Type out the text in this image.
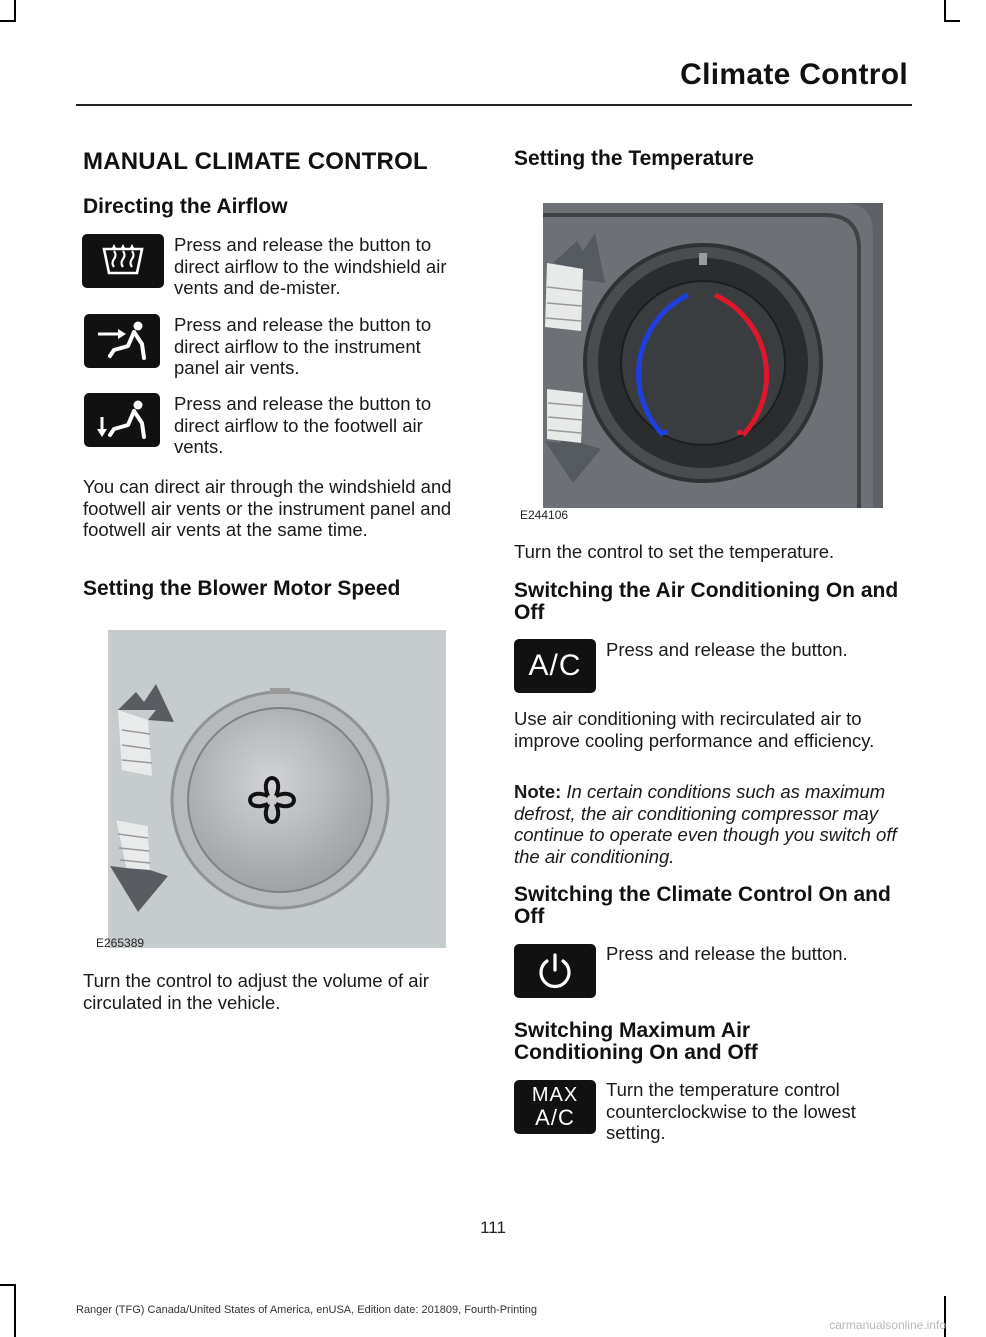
Climate Control
MANUAL CLIMATE CONTROL
Directing the Airflow

Press and release the button to direct airflow to the windshield air vents and de-mister.

Press and release the button to direct airflow to the instrument panel air vents.

Press and release the button to direct airflow to the footwell air vents.

You can direct air through the windshield and footwell air vents or the instrument panel and footwell air vents at the same time.

Setting the Blower Motor Speed
E265389

Turn the control to adjust the volume of air circulated in the vehicle.

Setting the Temperature
E244106

Turn the control to set the temperature.

Switching the Air Conditioning On and Off
A/C	Press and release the button.

Use air conditioning with recirculated air to improve cooling performance and efficiency.

Note: In certain conditions such as maximum defrost, the air conditioning compressor may continue to operate even though you switch off the air conditioning.

Switching the Climate Control On and Off

Press and release the button.

Switching Maximum Air Conditioning On and Off
MAX
A/C

Turn the temperature control counterclockwise to the lowest setting.

111
Ranger (TFG) Canada/United States of America, enUSA, Edition date: 201809, Fourth-Printing
carmanualsonline.info
